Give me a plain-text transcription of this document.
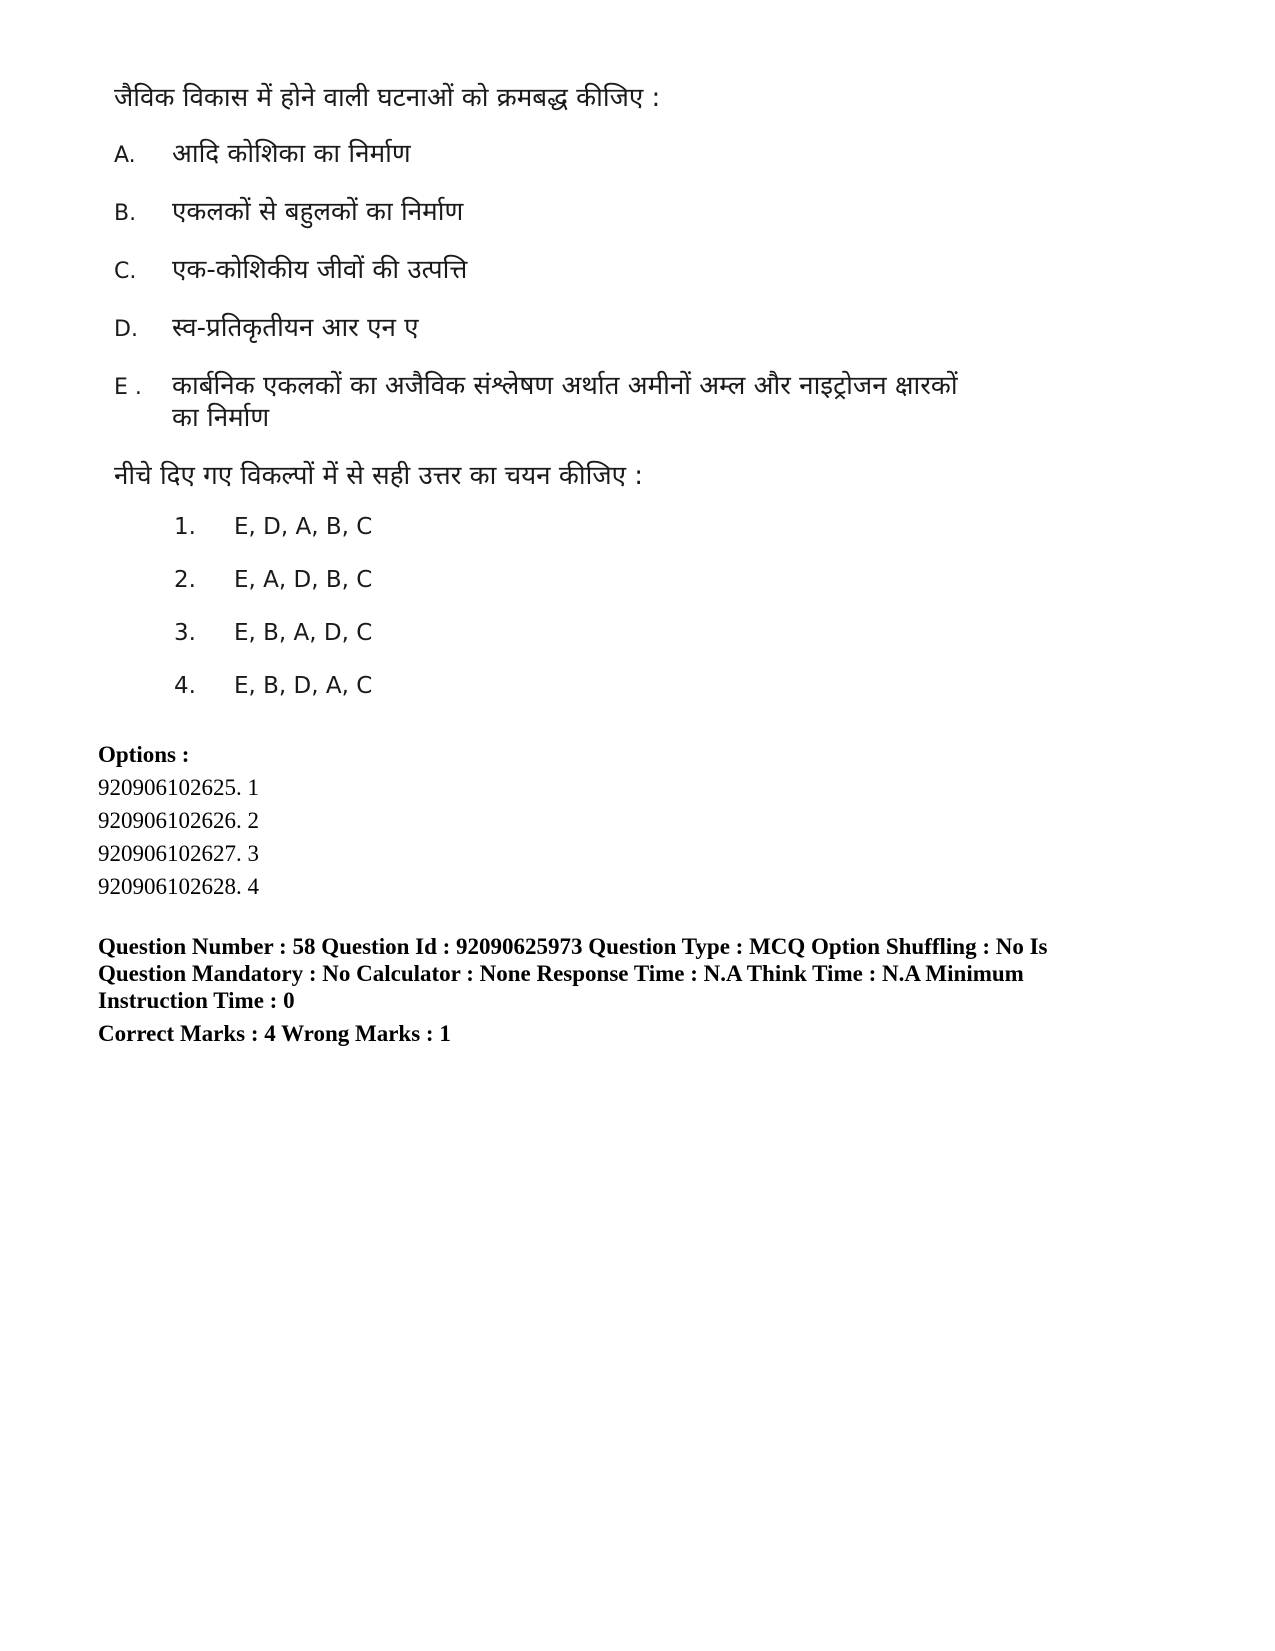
जैविक विकास में होने वाली घटनाओं को क्रमबद्ध कीजिए :
A.	आदि कोशिका का निर्माण
B.	एकलकों से बहुलकों का निर्माण
C.	एक-कोशिकीय जीवों की उत्पत्ति
D.	स्व-प्रतिकृतीयन आर एन ए
E .	कार्बनिक एकलकों का अजैविक संश्लेषण अर्थात अमीनों अम्ल और नाइट्रोजन क्षारकों का निर्माण
नीचे दिए गए विकल्पों में से सही उत्तर का चयन कीजिए :
1.	E, D, A, B, C
2.	E, A, D, B, C
3.	E, B, A, D, C
4.	E, B, D, A, C
Options :
920906102625. 1
920906102626. 2
920906102627. 3
920906102628. 4
Question Number : 58 Question Id : 92090625973 Question Type : MCQ Option Shuffling : No Is Question Mandatory : No Calculator : None Response Time : N.A Think Time : N.A Minimum Instruction Time : 0
Correct Marks : 4 Wrong Marks : 1
